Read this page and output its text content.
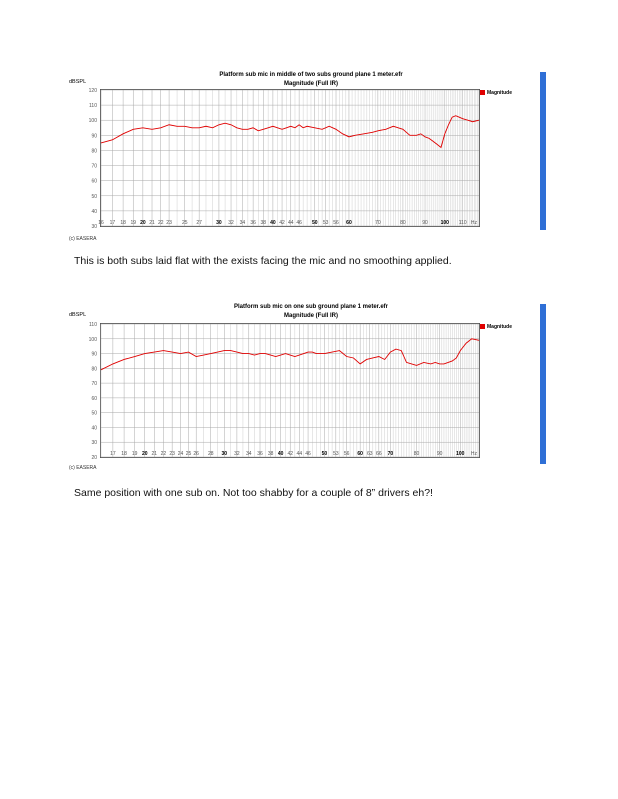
Platform sub mic in middle of two subs ground plane 1 meter.efr
Magnitude (Full IR)
dBSPL
120
110
100
90
80
70
60
50
40
30
16 17 18 19 20 21 22 23 25 27	30 32 34 36 38 40 42 44 46 50 53 56 60	70	80	90	100 110 Hz
Magnitude
(c) EASERA
This is both subs laid flat with the exists facing the mic and no smoothing applied.
Platform sub mic on one sub ground plane 1 meter.efr
Magnitude (Full IR)
dBSPL
110
100
90
80
70
60
50
40
30
20
17 18 19 20 21 22 23 24 25 26 28 30 32 34 36 38 40 42 44 46 50 53 56 60 63 66 70	80	90	100 Hz
Magnitude
(c) EASERA
Same position with one sub on. Not too shabby for a couple of 8” drivers eh?!
